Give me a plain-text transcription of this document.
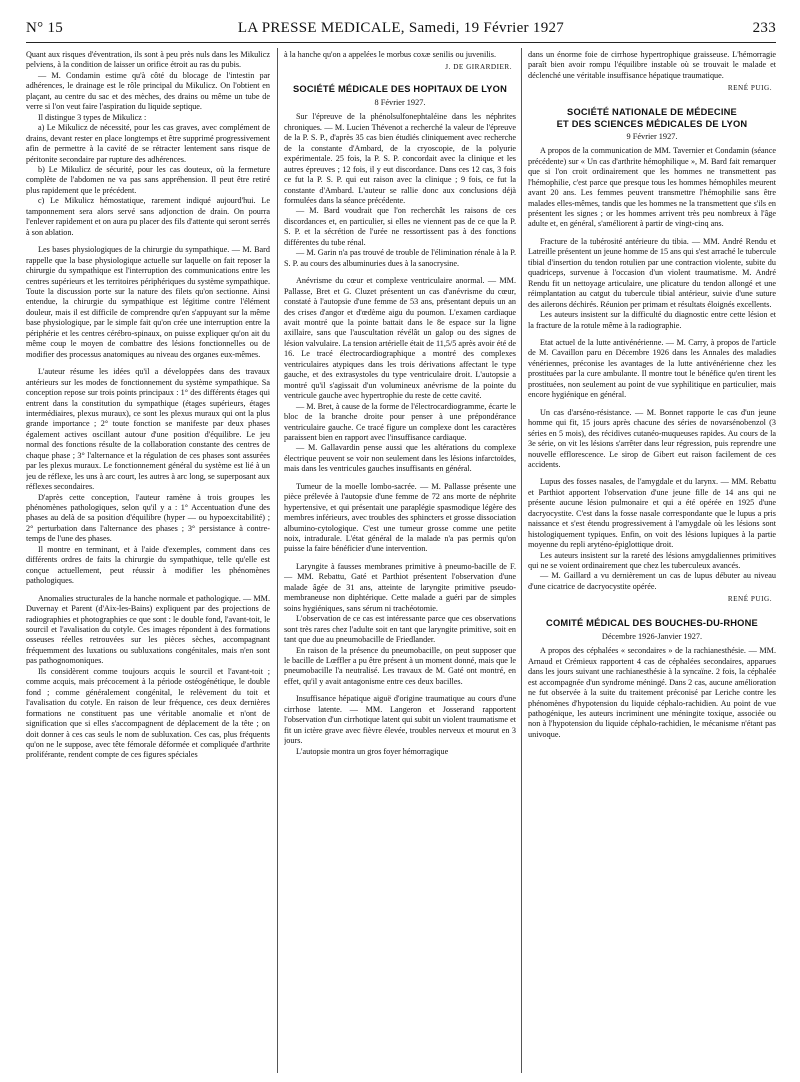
N° 15	LA PRESSE MEDICALE, Samedi, 19 Février 1927	233

Quant aux risques d'éventration, ils sont à peu près nuls dans les Mikulicz pelviens, à la condition de laisser un orifice étroit au ras du pubis.

— M. Condamin estime qu'à côté du blocage de l'intestin par adhérences, le drainage est le rôle principal du Mikulicz. On l'obtient en plaçant, au centre du sac et des mèches, des drains ou même un tube de verre si l'on veut faire l'aspiration du liquide septique.

Il distingue 3 types de Mikulicz :

a) Le Mikulicz de nécessité, pour les cas graves, avec complément de drains, devant rester en place longtemps et être supprimé progressivement afin de permettre à la cavité de se rétracter lentement sans risque de péritonite secondaire par rupture des adhérences.

b) Le Mikulicz de sécurité, pour les cas douteux, où la fermeture complète de l'abdomen ne va pas sans appréhension. Il peut être retiré plus rapidement que le précédent.

c) Le Mikulicz hémostatique, rarement indiqué aujourd'hui. Le tamponnement sera alors servé sans adjonction de drain. On pourra l'enlever rapidement et on aura pu placer des fils d'attente qui seront serrés à son ablation.

Les bases physiologiques de la chirurgie du sympathique. — M. Bard rappelle que la base physiologique actuelle sur laquelle on fait reposer la chirurgie du sympathique est l'interruption des communications entre les centres supérieurs et les territoires périphériques du système sympathique. Toute la discussion porte sur la nature des filets qu'on sectionne. Ainsi entendue, la chirurgie du sympathique est légitime contre l'élément douleur, mais il est difficile de comprendre qu'en s'appuyant sur la même base physiologique, par le simple fait qu'on crée une interruption entre la périphérie et les centres cérébro-spinaux, on puisse expliquer qu'on ait du même coup le moyen de combattre des lésions fonctionnelles ou de modifier des processus anatomiques au niveau des organes eux-mêmes.

L'auteur résume les idées qu'il a développées dans des travaux antérieurs sur les modes de fonctionnement du système sympathique. Sa conception repose sur trois points principaux : 1° des différents étages qui entrent dans la constitution du sympathique (étages supérieurs, étages intermédiaires, plexus muraux), ce sont les plexus muraux qui ont la plus grande importance ; 2° toute fonction se manifeste par deux phases également actives oscillant autour d'une position d'équilibre. Le jeu normal des fonctions résulte de la collaboration constante des centres de chaque phase ; 3° l'alternance et la régulation de ces phases sont assurées par les plexus muraux. Le fonctionnement général du système est lié à un jeu de réflexe, les uns à arc court, les autres à arc long, se superposant aux réflexes secondaires.

D'après cette conception, l'auteur ramène à trois groupes les phénomènes pathologiques, selon qu'il y a : 1° Accentuation d'une des phases au delà de sa position d'équilibre (hyper — ou hypoexcitabilité) ; 2° perturbation dans l'alternance des phases ; 3° persistance à contre-temps de l'une des phases.

Il montre en terminant, et à l'aide d'exemples, comment dans ces différents ordres de faits la chirurgie du sympathique, telle qu'elle est conçue actuellement, peut réussir à modifier les phénomènes pathologiques.

Anomalies structurales de la hanche normale et pathologique. — MM. Duvernay et Parent (d'Aix-les-Bains) expliquent par des projections de radiographies et photographies ce que sont : le double fond, l'avant-toit, le sourcil et l'avalisation du cotyle. Ces images répondent à des formations osseuses réelles retrouvées sur les pièces sèches, accompagnant fréquemment des luxations ou subluxations congénitales, mais n'en sont pas pathognomoniques.

Ils considèrent comme toujours acquis le sourcil et l'avant-toit ; comme acquis, mais précocement à la période ostéogénétique, le double fond ; comme généralement congénital, le relèvement du toit et l'avalisation du cotyle. En raison de leur fréquence, ces deux dernières formations ne constituent pas une véritable anomalie et n'ont de signification que si elles s'accompagnent de déplacement de la tête ; on doit donner à ces cas seuls le nom de subluxation. Ces cas, plus fréquents qu'on ne le suppose, avec tête fémorale déformée et compliquée d'arthrite proliférante, rendent compte de ces figures spéciales

à la hanche qu'on a appelées le morbus coxæ senilis ou juvenilis.

J. DE GIRARDIER.
SOCIÉTÉ MÉDICALE DES HOPITAUX DE LYON
8 Février 1927.

Sur l'épreuve de la phénolsulfonephtaléine dans les néphrites chroniques. — M. Lucien Thévenot a recherché la valeur de l'épreuve de la P. S. P., d'après 35 cas bien étudiés cliniquement avec recherche de la constante d'Ambard, de la cryoscopie, de la polyurie expérimentale. 25 fois, la P. S. P. concordait avec la clinique et les autres épreuves ; 12 fois, il y eut discordance. Dans ces 12 cas, 3 fois ce fut la P. S. P. qui eut raison avec la clinique ; 9 fois, ce fut la constante d'Ambard. L'auteur se rallie donc aux conclusions déjà formulées dans la séance précédente.

— M. Bard voudrait que l'on recherchât les raisons de ces discordances et, en particulier, si elles ne viennent pas de ce que la P. S. P. et la sécrétion de l'urée ne ressortissent pas à des fonctions différentes du tube rénal.

— M. Garin n'a pas trouvé de trouble de l'élimination rénale à la P. S. P. au cours des albuminuries dues à la sanocrysine.

Anévrisme du cœur et complexe ventriculaire anormal. — MM. Pallasse, Bret et G. Cluzet présentent un cas d'anévrisme du cœur, constaté à l'autopsie d'une femme de 53 ans, présentant depuis un an des crises d'angor et d'œdème aigu du poumon. L'examen cardiaque avait montré que la pointe battait dans le 8e espace sur la ligne axillaire, sans que l'auscultation révélât un galop ou des signes de lésion valvulaire. La tension artérielle était de 11,5/5 après avoir été de 16. Le tracé électrocardiographique a montré des complexes ventriculaires atypiques dans les trois dérivations affectant le type gauche, et des extrasystoles du type ventriculaire droit. L'autopsie a montré qu'il s'agissait d'un volumineux anévrisme de la pointe du ventricule gauche avec hypertrophie du reste de cette cavité.

— M. Bret, à cause de la forme de l'électrocardiogramme, écarte le bloc de la branche droite pour penser à une prépondérance ventriculaire gauche. Ce tracé figure un complexe dont les caractères paraissent bien en rapport avec l'insuffisance cardiaque.

— M. Gallavardin pense aussi que les altérations du complexe électrique peuvent se voir non seulement dans les lésions infarctoïdes, mais dans les ventricules gauches insuffisants en général.

Tumeur de la moelle lombo-sacrée. — M. Pallasse présente une pièce prélevée à l'autopsie d'une femme de 72 ans morte de néphrite hypertensive, et qui présentait une paraplégie spasmodique légère des membres inférieurs, avec troubles des sphincters et grosse dissociation albumino-cytologique. C'est une tumeur grosse comme une petite noix, intradurale. L'état général de la malade n'a pas permis qu'on puisse la faire bénéficier d'une intervention.

Laryngite à fausses membranes primitive à pneumo-bacille de F. — MM. Rebattu, Gaté et Parthiot présentent l'observation d'une malade âgée de 31 ans, atteinte de laryngite primitive pseudo-membraneuse non diphtérique. Cette malade a guéri par de simples soins hygiéniques, sans sérum ni trachéotomie.

L'observation de ce cas est intéressante parce que ces observations sont très rares chez l'adulte soit en tant que laryngite primitive, soit en tant que due au pneumobacille de Friedlander.

En raison de la présence du pneumobacille, on peut supposer que le bacille de Lœffler a pu être présent à un moment donné, mais que le pneumobacille l'a neutralisé. Les travaux de M. Gaté ont montré, en effet, qu'il y avait antagonisme entre ces deux bacilles.

Insuffisance hépatique aiguë d'origine traumatique au cours d'une cirrhose latente. — MM. Langeron et Josserand rapportent l'observation d'un cirrhotique latent qui subit un violent traumatisme et fit un ictère grave avec fièvre élevée, troubles nerveux et mourut en 3 jours.

L'autopsie montra un gros foyer hémorragique

dans un énorme foie de cirrhose hypertrophique graisseuse. L'hémorragie paraît bien avoir rompu l'équilibre instable où se trouvait le malade et déclenché une véritable insuffisance hépatique traumatique.

RENÉ PUIG.
SOCIÉTÉ NATIONALE DE MÉDECINE
ET DES SCIENCES MÉDICALES DE LYON
9 Février 1927.

A propos de la communication de MM. Tavernier et Condamin (séance précédente) sur « Un cas d'arthrite hémophilique », M. Bard fait remarquer que si l'on croit ordinairement que les hommes ne transmettent pas l'hémophilie, c'est parce que presque tous les hommes hémophiles meurent avant 20 ans. Les femmes peuvent transmettre l'hémophilie sans être malades elles-mêmes, tandis que les hommes ne la transmettent que s'ils en présentent les signes ; or les hommes arrivent très peu nombreux à l'âge adulte et, en général, s'améliorent à partir de vingt-cinq ans.

Fracture de la tubérosité antérieure du tibia. — MM. André Rendu et Latreille présentent un jeune homme de 15 ans qui s'est arraché le tubercule tibial d'insertion du tendon rotulien par une contraction violente, subite du quadriceps, survenue à l'occasion d'un violent traumatisme. M. André Rendu fit un nettoyage articulaire, une plicature du tendon allongé et une réimplantation au catgut du tubercule tibial antérieur, suivie d'une suture des ailerons déchirés. Réunion per primam et résultats éloignés excellents.

Les auteurs insistent sur la difficulté du diagnostic entre cette lésion et la fracture de la rotule même à la radiographie.

Etat actuel de la lutte antivénérienne. — M. Carry, à propos de l'article de M. Cavaillon paru en Décembre 1926 dans les Annales des maladies vénériennes, préconise les avantages de la lutte antivénérienne chez les prostituées par la cure ambulante. Il montre tout le bénéfice qu'en tirent les prostituées, non seulement au point de vue syphilitique en particulier, mais encore hygiénique en général.

Un cas d'arséno-résistance. — M. Bonnet rapporte le cas d'un jeune homme qui fit, 15 jours après chacune des séries de novarsénobenzol (3 séries en 5 mois), des récidives cutanéo-muqueuses rapides. Au cours de la 3e série, on vit les lésions s'arrêter dans leur régression, puis reprendre une nouvelle efflorescence. Le sirop de Gibert eut raison facilement de ces accidents.

Lupus des fosses nasales, de l'amygdale et du larynx. — MM. Rebattu et Parthiot apportent l'observation d'une jeune fille de 14 ans qui ne présente aucune lésion pulmonaire et qui a été opérée en 1925 d'une dacryocystite. C'est dans la fosse nasale correspondante que le lupus a pris naissance et s'est étendu progressivement à l'amygdale où les lésions sont histologiquement typiques. Enfin, on voit des lésions lupiques à la partie moyenne du repli aryténo-épiglottique droit.

Les auteurs insistent sur la rareté des lésions amygdaliennes primitives qui ne se voient ordinairement que chez les tuberculeux avancés.

— M. Gaillard a vu dernièrement un cas de lupus débuter au niveau d'une cicatrice de dacryocystite opérée.

RENÉ PUIG.
COMITÉ MÉDICAL DES BOUCHES-DU-RHONE
Décembre 1926-Janvier 1927.

A propos des céphalées « secondaires » de la rachianesthésie. — MM. Arnaud et Crémieux rapportent 4 cas de céphalées secondaires, apparues dans les jours suivant une rachianesthésie à la syncaïne. 2 fois, la céphalée est accompagnée d'un syndrome méningé. Dans 2 cas, aucune amélioration ne fut observée à la suite du traitement préconisé par Leriche contre les phénomènes d'hypotension du liquide céphalo-rachidien. Au point de vue pathogénique, les auteurs incriminent une méningite toxique, associée ou non à l'hypotension du liquide céphalo-rachidien, le mécanisme n'étant pas univoque.
